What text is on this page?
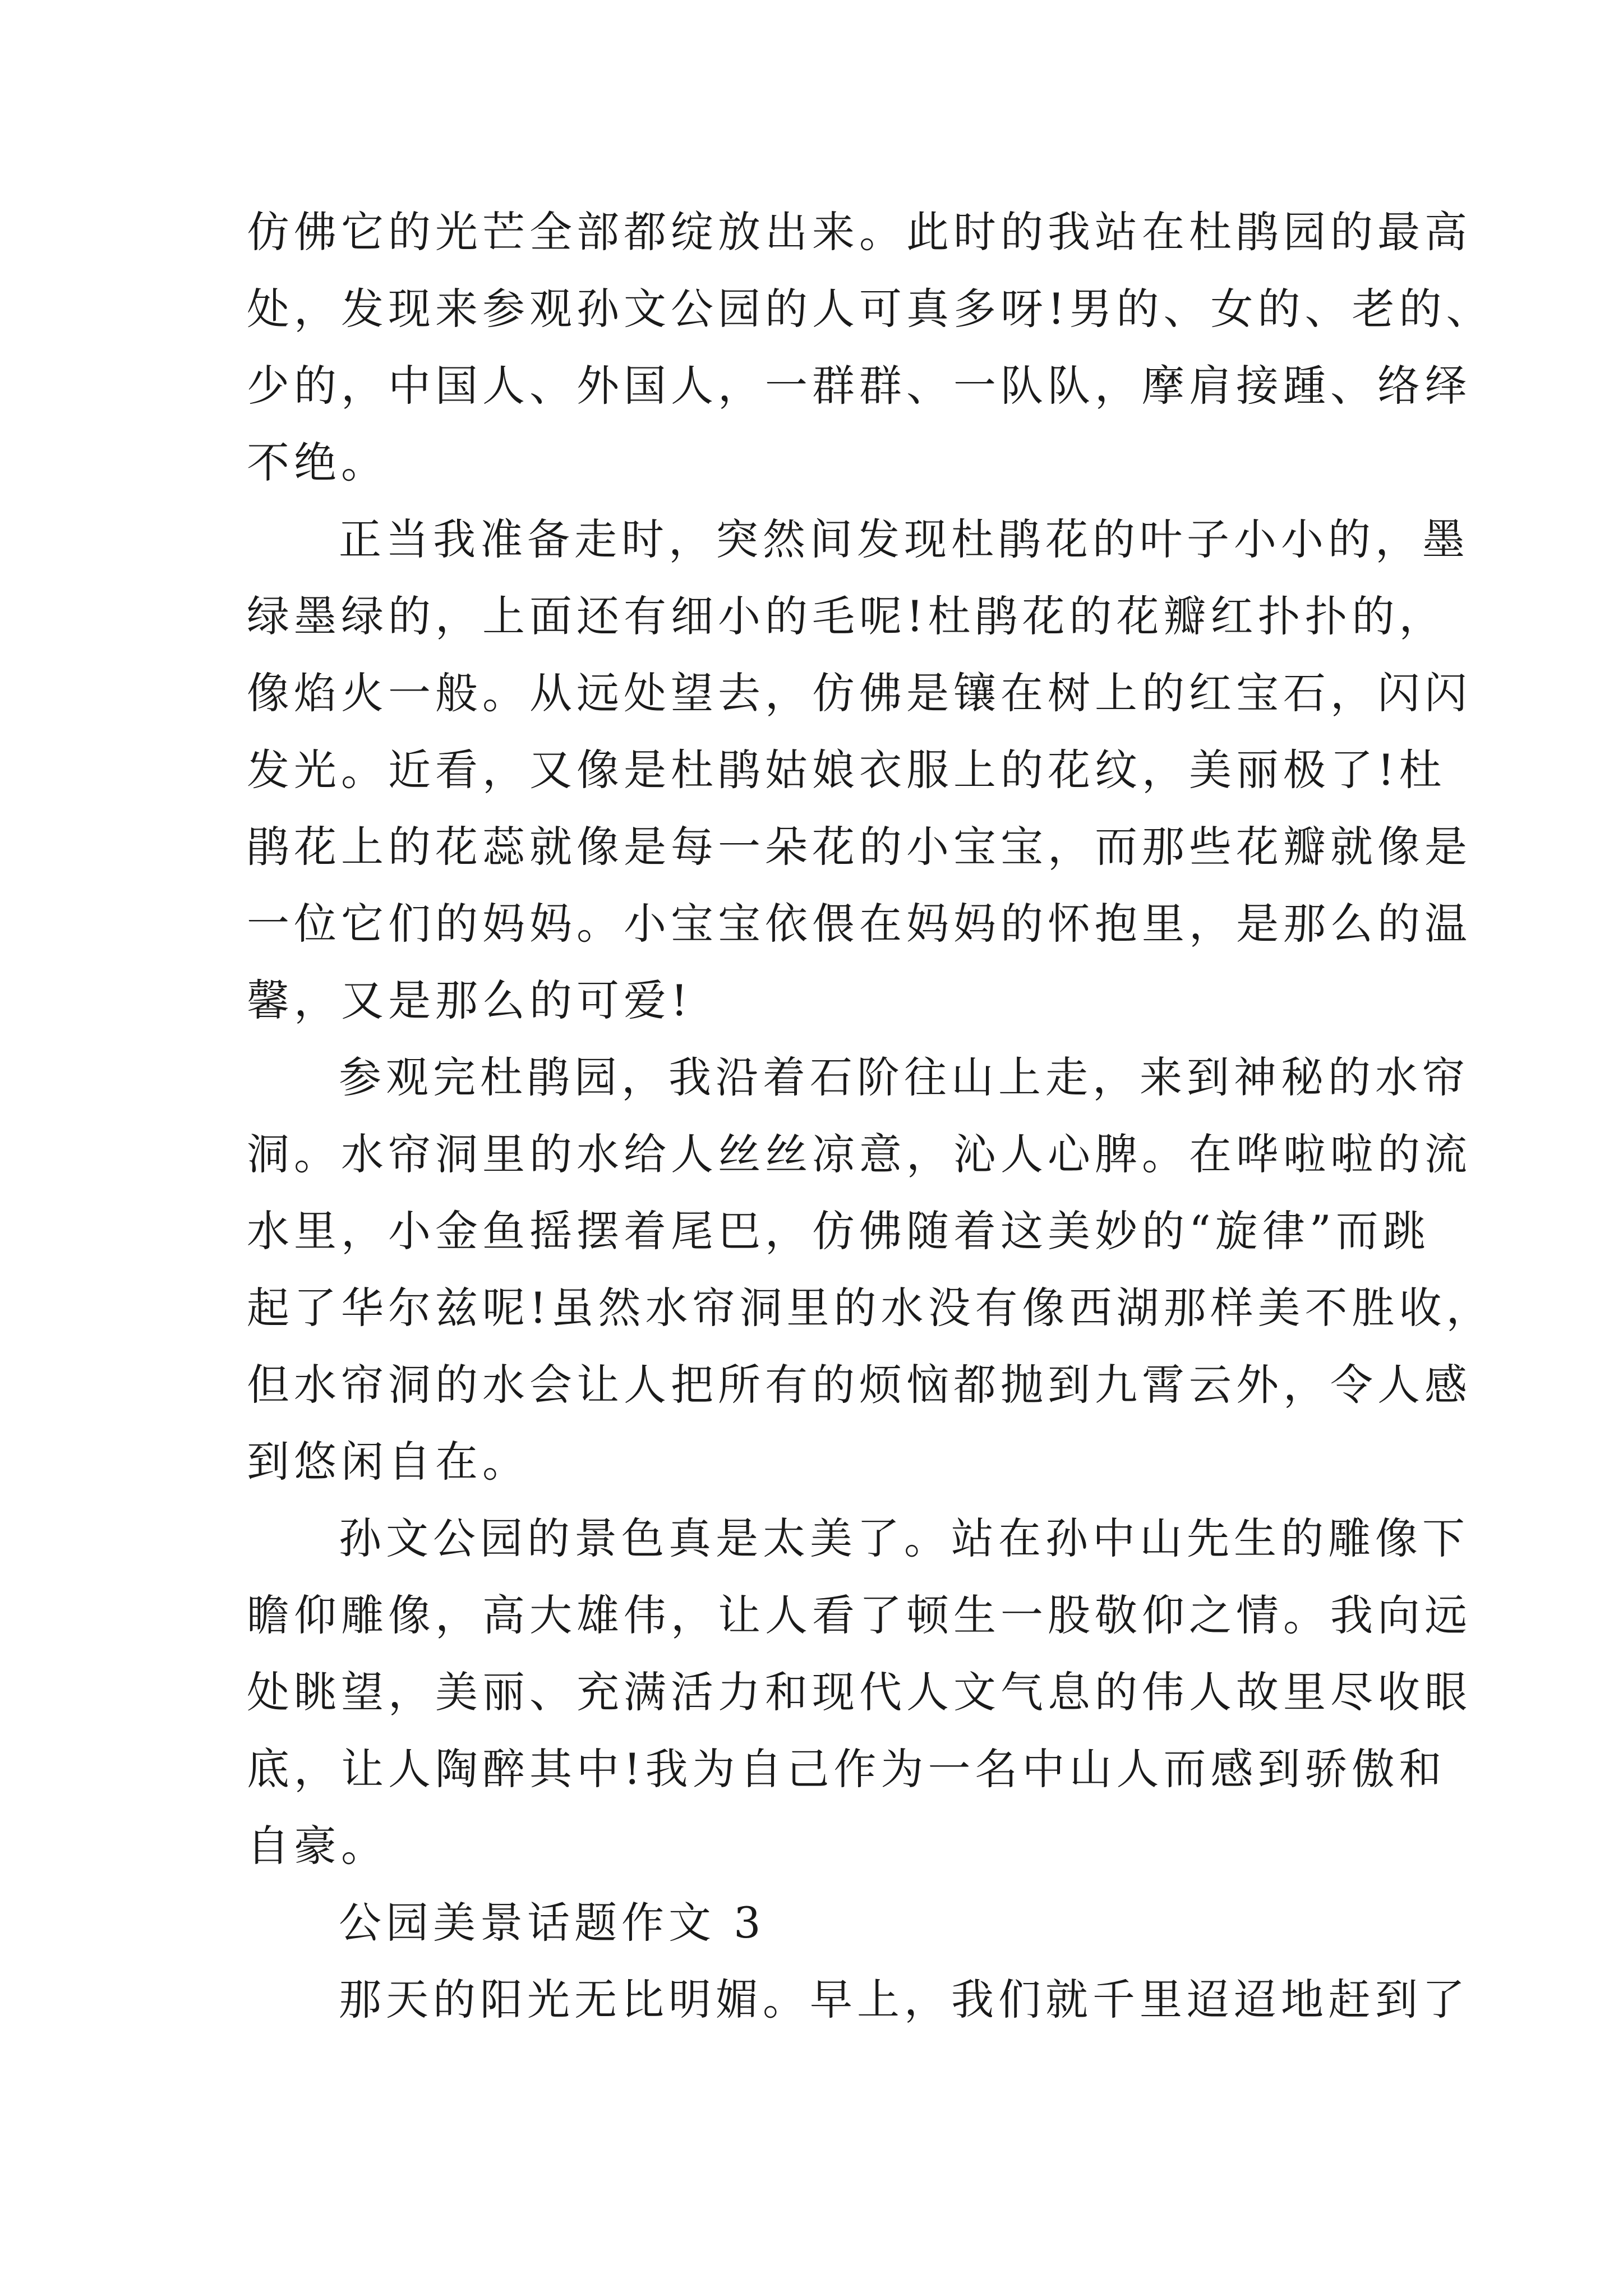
仿佛它的光芒全部都绽放出来。此时的我站在杜鹃园的最高
处，发现来参观孙文公园的人可真多呀!男的、女的、老的、
少的，中国人、外国人，一群群、一队队，摩肩接踵、络绎
不绝。
正当我准备走时，突然间发现杜鹃花的叶子小小的，墨
绿墨绿的，上面还有细小的毛呢!杜鹃花的花瓣红扑扑的，
像焰火一般。从远处望去，仿佛是镶在树上的红宝石，闪闪
发光。近看，又像是杜鹃姑娘衣服上的花纹，美丽极了!杜
鹃花上的花蕊就像是每一朵花的小宝宝，而那些花瓣就像是
一位它们的妈妈。小宝宝依偎在妈妈的怀抱里，是那么的温
馨，又是那么的可爱!
参观完杜鹃园，我沿着石阶往山上走，来到神秘的水帘
洞。水帘洞里的水给人丝丝凉意，沁人心脾。在哗啦啦的流
水里，小金鱼摇摆着尾巴，仿佛随着这美妙的“旋律”而跳
起了华尔兹呢!虽然水帘洞里的水没有像西湖那样美不胜收，
但水帘洞的水会让人把所有的烦恼都抛到九霄云外，令人感
到悠闲自在。
孙文公园的景色真是太美了。站在孙中山先生的雕像下
瞻仰雕像，高大雄伟，让人看了顿生一股敬仰之情。我向远
处眺望，美丽、充满活力和现代人文气息的伟人故里尽收眼
底，让人陶醉其中!我为自己作为一名中山人而感到骄傲和
自豪。
公园美景话题作文 3
那天的阳光无比明媚。早上，我们就千里迢迢地赶到了
